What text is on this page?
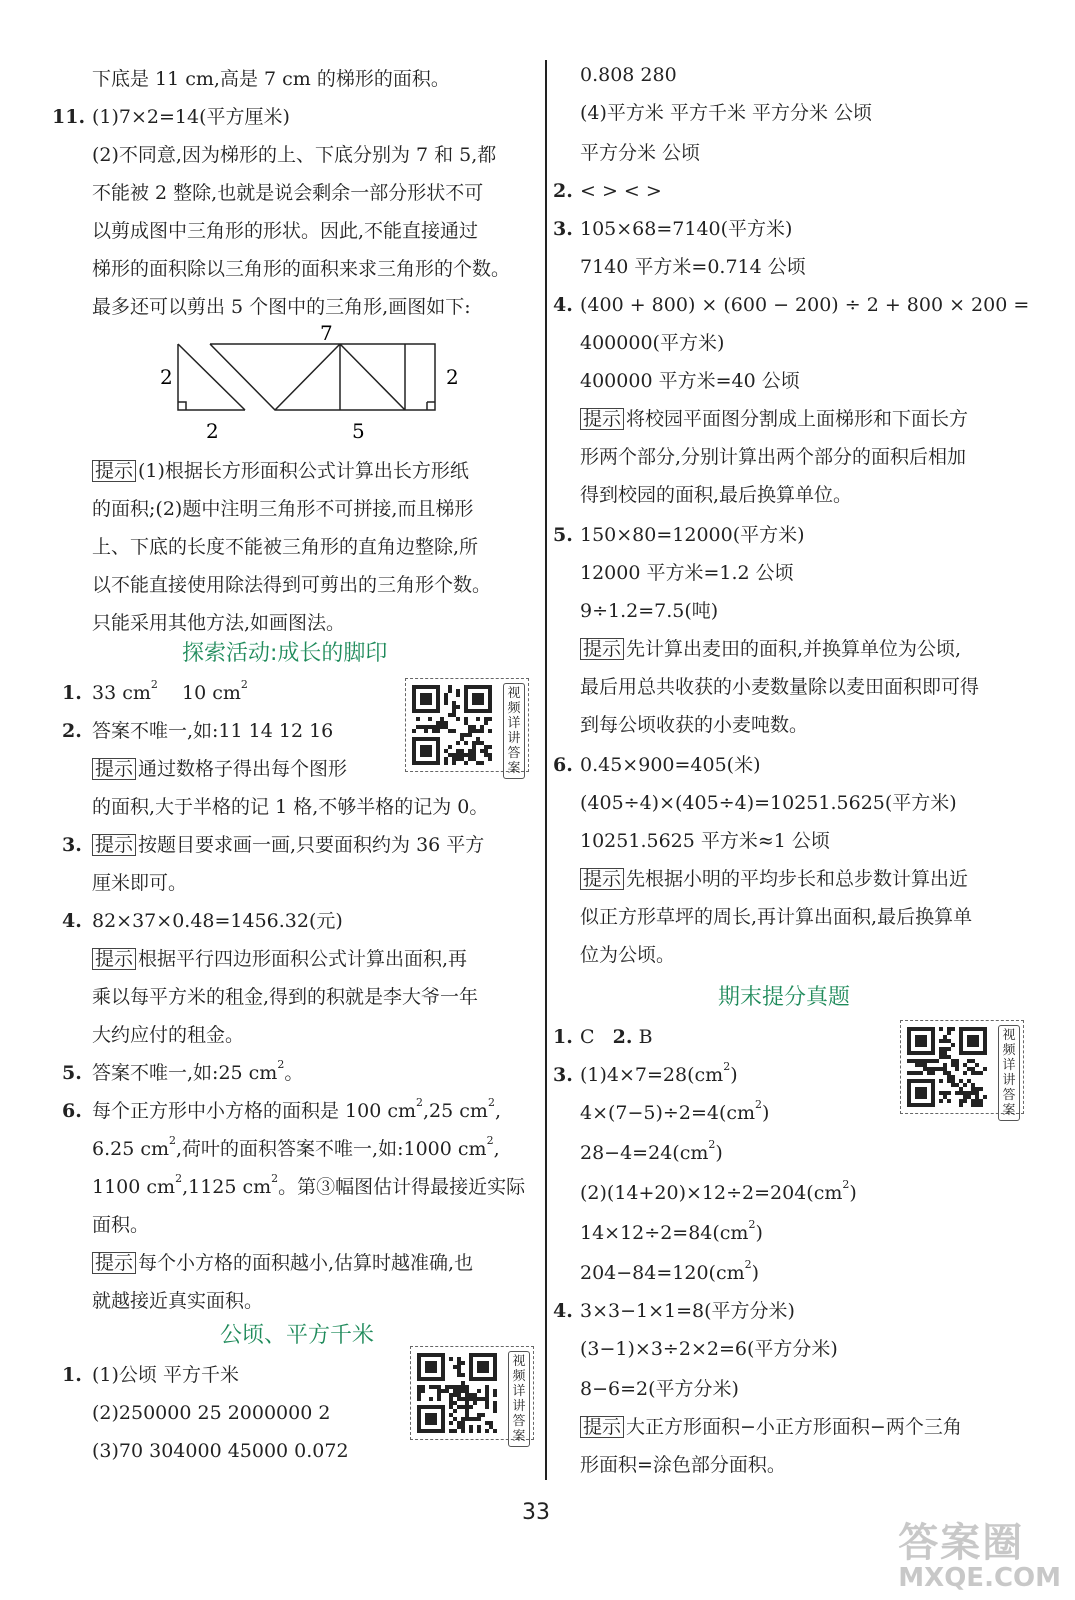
下底是 11 cm,高是 7 cm 的梯形的面积。
11. (1)7×2=14(平方厘米)
(2)不同意,因为梯形的上、下底分别为 7 和 5,都
不能被 2 整除,也就是说会剩余一部分形状不可
以剪成图中三角形的形状。因此,不能直接通过
梯形的面积除以三角形的面积来求三角形的个数。
最多还可以剪出 5 个图中的三角形,画图如下:
7
2	2
2	5
提示 (1)根据长方形面积公式计算出长方形纸
的面积;(2)题中注明三角形不可拼接,而且梯形
上、下底的长度不能被三角形的直角边整除,所
以不能直接使用除法得到可剪出的三角形个数。
只能采用其他方法,如画图法。
探索活动:成长的脚印
1. 33 $cm^2$ 10 $cm^2$
2. 答案不唯一,如:11 14 12 16
提示 通过数格子得出每个图形
的面积,大于半格的记 1 格,不够半格的记为 0。
3. 提示 按题目要求画一画,只要面积约为 36 平方
厘米即可。
4. 82×37×0.48=1456.32(元)
提示 根据平行四边形面积公式计算出面积,再
乘以每平方米的租金,得到的积就是李大爷一年
大约应付的租金。
5. 答案不唯一,如:25 $cm^2$。
6. 每个正方形中小方格的面积是 100 $cm^2,25$ $cm^2$,
6.25 $cm^2$,荷叶的面积答案不唯一,如:1000 $cm^2$,
1100 $cm^2,1125$ $cm^2$。第③幅图估计得最接近实际
面积。
提示 每个小方格的面积越小,估算时越准确,也
就越接近真实面积。
公顷、平方千米
1. (1)公顷 平方千米
(2)250000 25 2000000 2
(3)70 304000 45000 0.072
视频详讲答案
视频详讲答案
视频详讲答案
0.808 280
(4)平方米 平方千米 平方分米 公顷
平方分米 公顷
2. < > < >
3. 105×68=7140(平方米)
7140 平方米=0.714 公顷
4. (400 + 800) × (600 − 200) ÷ 2 + 800 × 200 =
400000(平方米)
400000 平方米=40 公顷
提示 将校园平面图分割成上面梯形和下面长方
形两个部分,分别计算出两个部分的面积后相加
得到校园的面积,最后换算单位。
5. 150×80=12000(平方米)
12000 平方米=1.2 公顷
9÷1.2=7.5(吨)
提示 先计算出麦田的面积,并换算单位为公顷,
最后用总共收获的小麦数量除以麦田面积即可得
到每公顷收获的小麦吨数。
6. 0.45×900=405(米)
(405÷4)×(405÷4)=10251.5625(平方米)
10251.5625 平方米≈1 公顷
提示 先根据小明的平均步长和总步数计算出近
似正方形草坪的周长,再计算出面积,最后换算单
位为公顷。
期末提分真题
1. C 2. B
3. $(1)4\times 7=28(cm^2)$
$4\times(7-5)\div 2=4(cm^2)$
$28-4=24(cm^2)$
$(2)(14+20)\times 12\div 2=204(cm^2)$
$14\times 12\div 2=84(cm^2)$
$204-84=120(cm^2)$
4. 3×3−1×1=8(平方分米)
(3−1)×3÷2×2=6(平方分米)
8−6=2(平方分米)
提示 大正方形面积−小正方形面积−两个三角
形面积=涂色部分面积。
33
答案圈
MXQE.COM
